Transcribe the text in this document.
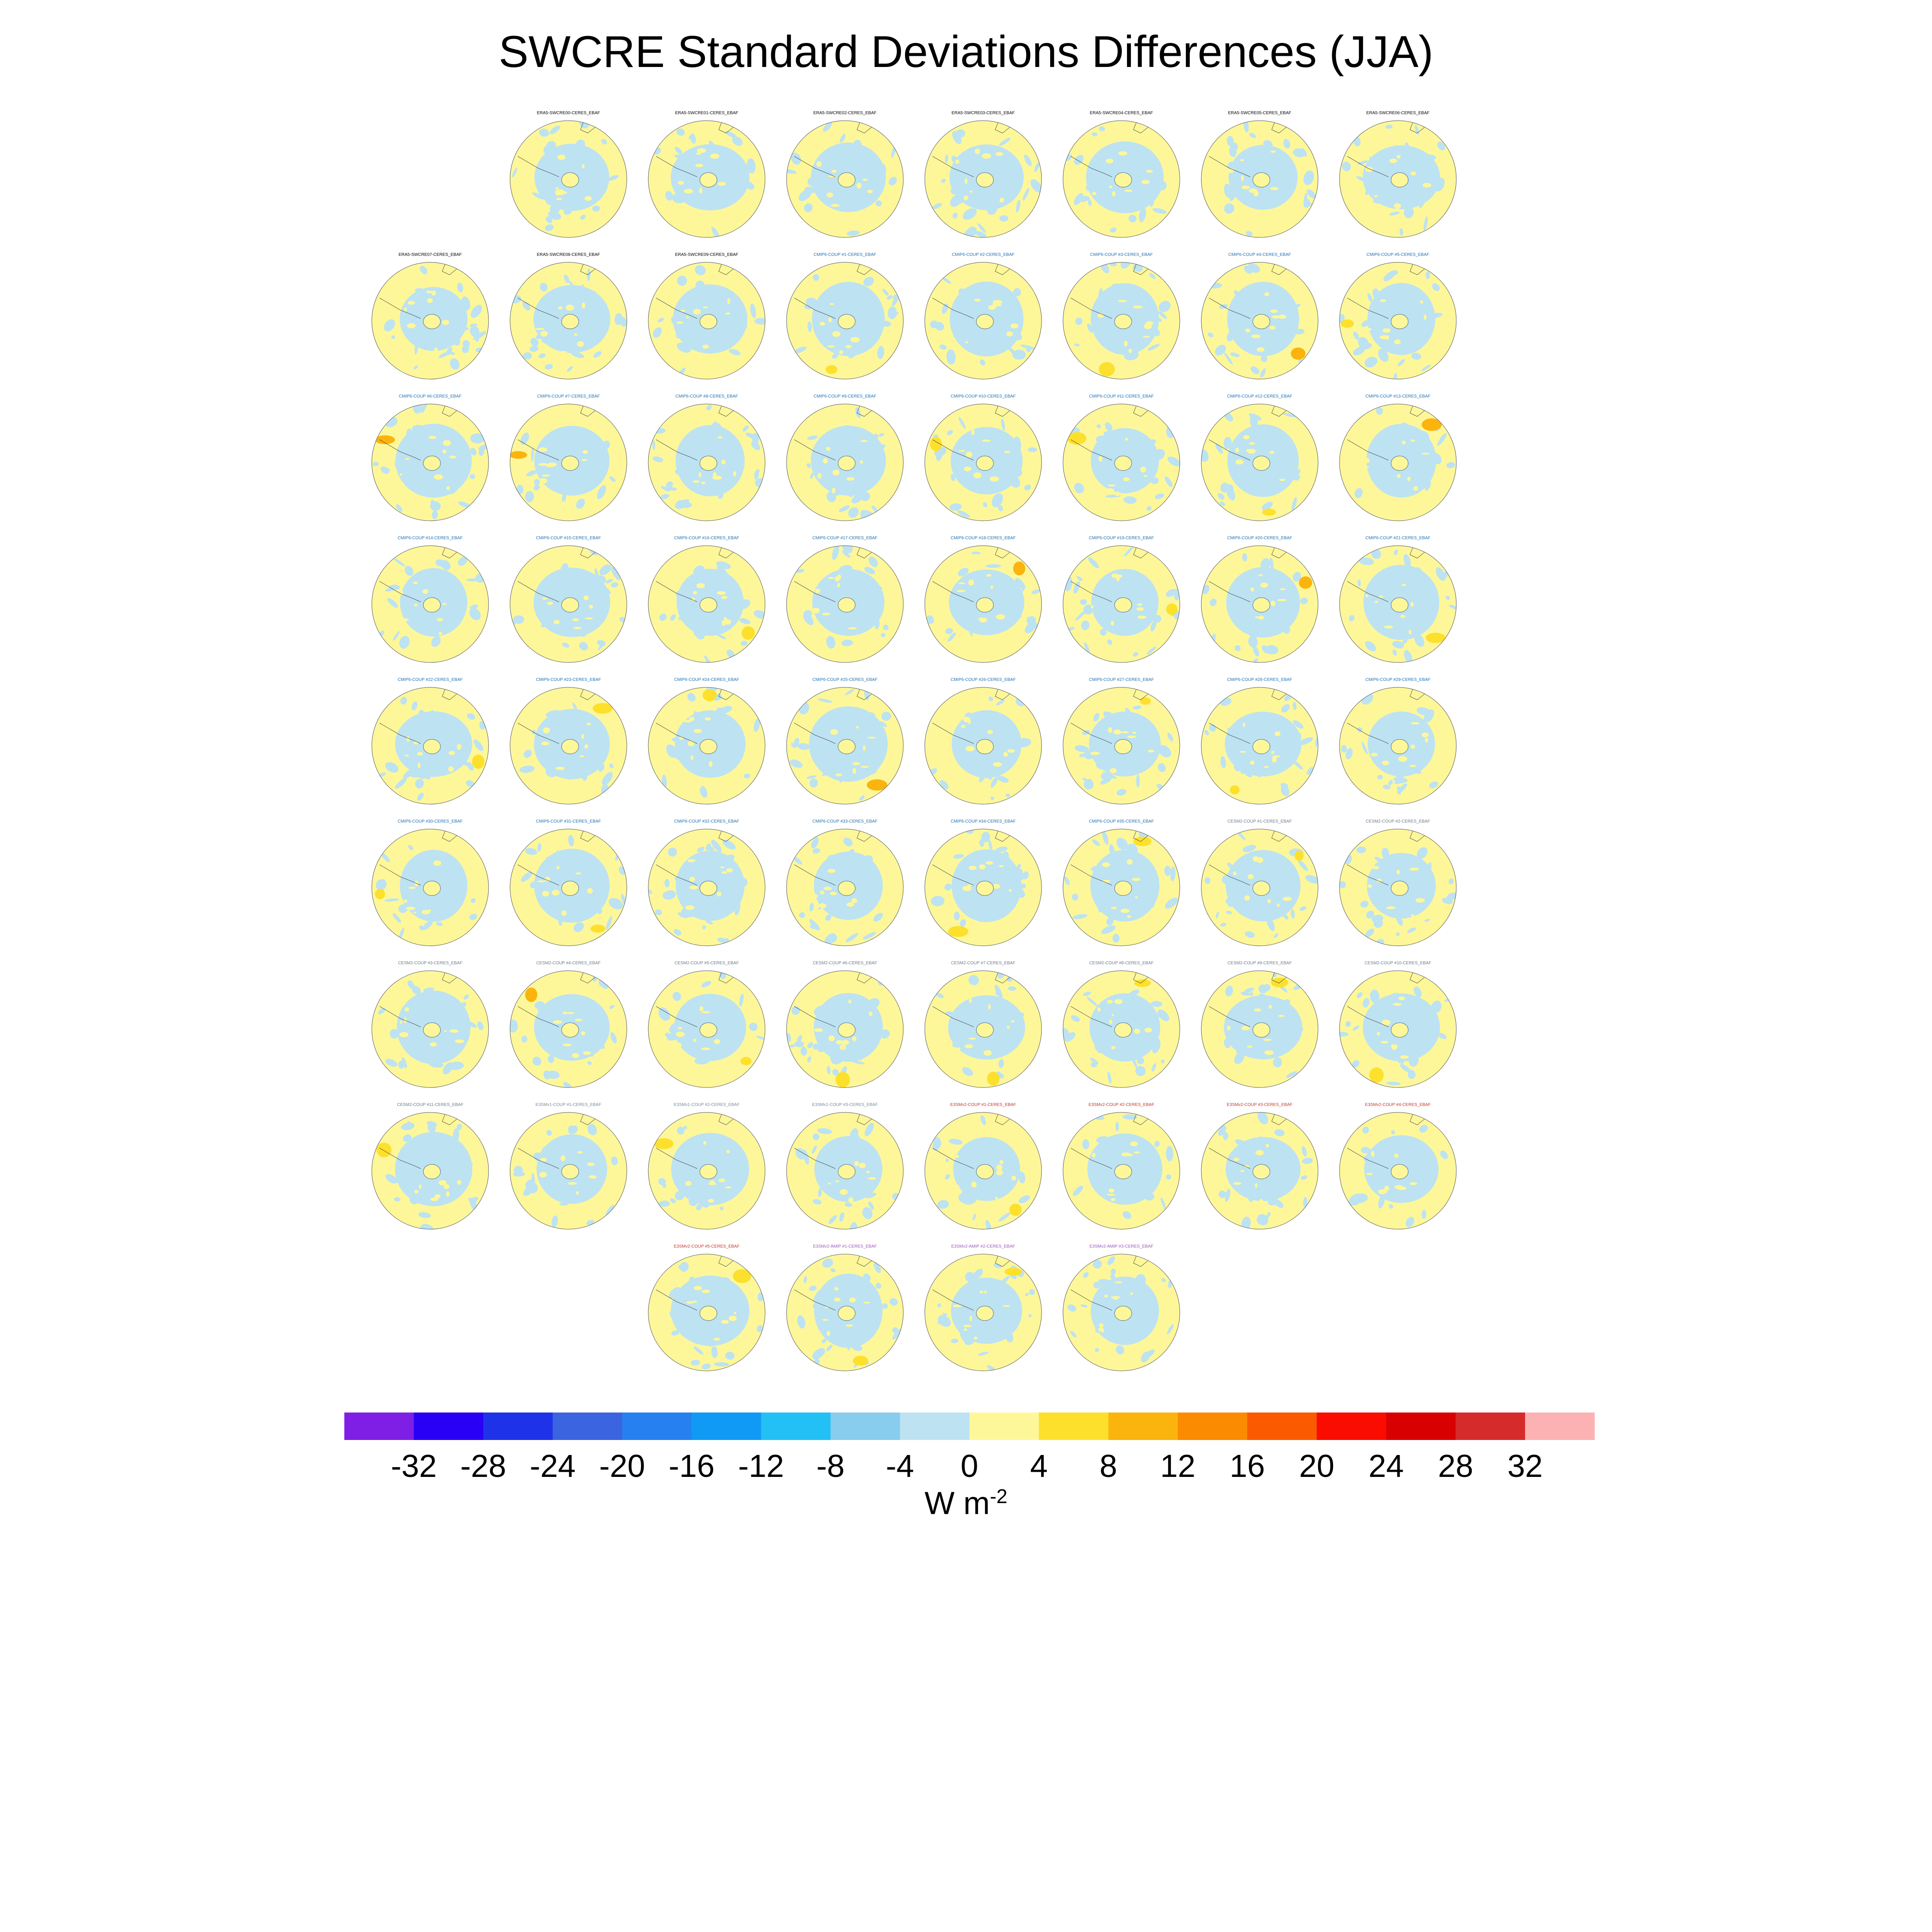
SWCRE Standard Deviations Differences (JJA)
ERA5-SWCRE00-CERES_EBAF	ERA5-SWCRE01-CERES_EBAF	ERA5-SWCRE02-CERES_EBAF	ERA5-SWCRE03-CERES_EBAF	ERA5-SWCRE04-CERES_EBAF	ERA5-SWCRE05-CERES_EBAF	ERA5-SWCRE06-CERES_EBAF
ERA5-SWCRE07-CERES_EBAF	ERA5-SWCRE08-CERES_EBAF	ERA5-SWCRE09-CERES_EBAF	CMIP6-COUP #1-CERES_EBAF	CMIP6-COUP #2-CERES_EBAF	CMIP6-COUP #3-CERES_EBAF	CMIP6-COUP #4-CERES_EBAF	CMIP6-COUP #5-CERES_EBAF
CMIP6-COUP #6-CERES_EBAF	CMIP6-COUP #7-CERES_EBAF	CMIP6-COUP #8-CERES_EBAF	CMIP6-COUP #9-CERES_EBAF	CMIP6-COUP #10-CERES_EBAF	CMIP6-COUP #11-CERES_EBAF	CMIP6-COUP #12-CERES_EBAF	CMIP6-COUP #13-CERES_EBAF
CMIP6-COUP #14-CERES_EBAF	CMIP6-COUP #15-CERES_EBAF	CMIP6-COUP #16-CERES_EBAF	CMIP6-COUP #17-CERES_EBAF	CMIP6-COUP #18-CERES_EBAF	CMIP6-COUP #19-CERES_EBAF	CMIP6-COUP #20-CERES_EBAF	CMIP6-COUP #21-CERES_EBAF
CMIP6-COUP #22-CERES_EBAF	CMIP6-COUP #23-CERES_EBAF	CMIP6-COUP #24-CERES_EBAF	CMIP6-COUP #25-CERES_EBAF	CMIP6-COUP #26-CERES_EBAF	CMIP6-COUP #27-CERES_EBAF	CMIP6-COUP #28-CERES_EBAF	CMIP6-COUP #29-CERES_EBAF
CMIP6-COUP #30-CERES_EBAF	CMIP6-COUP #31-CERES_EBAF	CMIP6-COUP #32-CERES_EBAF	CMIP6-COUP #33-CERES_EBAF	CMIP6-COUP #34-CERES_EBAF	CMIP6-COUP #35-CERES_EBAF	CESM2-COUP #1-CERES_EBAF	CESM2-COUP #2-CERES_EBAF
CESM2-COUP #3-CERES_EBAF	CESM2-COUP #4-CERES_EBAF	CESM2-COUP #5-CERES_EBAF	CESM2-COUP #6-CERES_EBAF	CESM2-COUP #7-CERES_EBAF	CESM2-COUP #8-CERES_EBAF	CESM2-COUP #9-CERES_EBAF	CESM2-COUP #10-CERES_EBAF
CESM2-COUP #11-CERES_EBAF	E3SMv1-COUP #1-CERES_EBAF	E3SMv1-COUP #2-CERES_EBAF	E3SMv1-COUP #3-CERES_EBAF	E3SMv2-COUP #1-CERES_EBAF	E3SMv2-COUP #2-CERES_EBAF	E3SMv2-COUP #3-CERES_EBAF	E3SMv2-COUP #4-CERES_EBAF
E3SMv2-COUP #5-CERES_EBAF	E3SMv2-AMIP #1-CERES_EBAF	E3SMv2-AMIP #2-CERES_EBAF	E3SMv2-AMIP #3-CERES_EBAF
-32 -28 -24 -20 -16 -12 -8 -4 0 4 8 12 16 20 24 28 32
W $m^{-2}$
